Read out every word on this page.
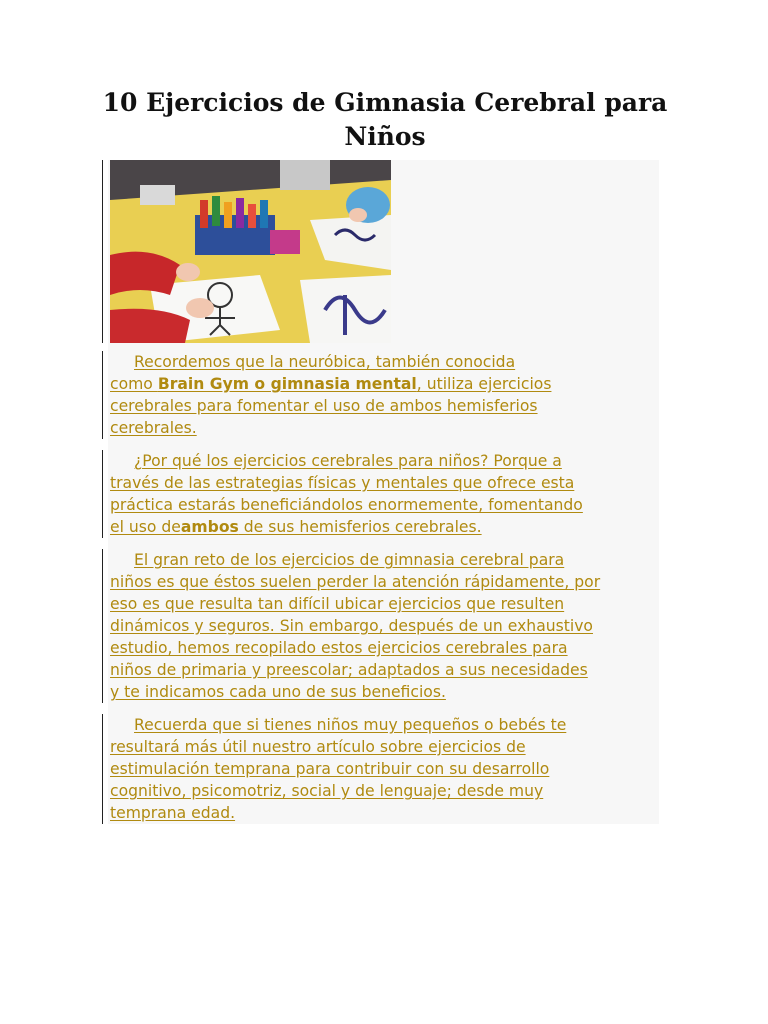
10 Ejercicios de Gimnasia Cerebral para Niños

Recordemos que la neuróbica, también conocida
como Brain Gym o gimnasia mental, utiliza ejercicios
cerebrales para fomentar el uso de ambos hemisferios
cerebrales.

¿Por qué los ejercicios cerebrales para niños? Porque a
través de las estrategias físicas y mentales que ofrece esta
práctica estarás beneficiándolos enormemente, fomentando
el uso deambos de sus hemisferios cerebrales.

El gran reto de los ejercicios de gimnasia cerebral para
niños es que éstos suelen perder la atención rápidamente, por
eso es que resulta tan difícil ubicar ejercicios que resulten
dinámicos y seguros. Sin embargo, después de un exhaustivo
estudio, hemos recopilado estos ejercicios cerebrales para
niños de primaria y preescolar; adaptados a sus necesidades
y te indicamos cada uno de sus beneficios.

Recuerda que si tienes niños muy pequeños o bebés te
resultará más útil nuestro artículo sobre ejercicios de
estimulación temprana para contribuir con su desarrollo
cognitivo, psicomotriz, social y de lenguaje; desde muy
temprana edad.
